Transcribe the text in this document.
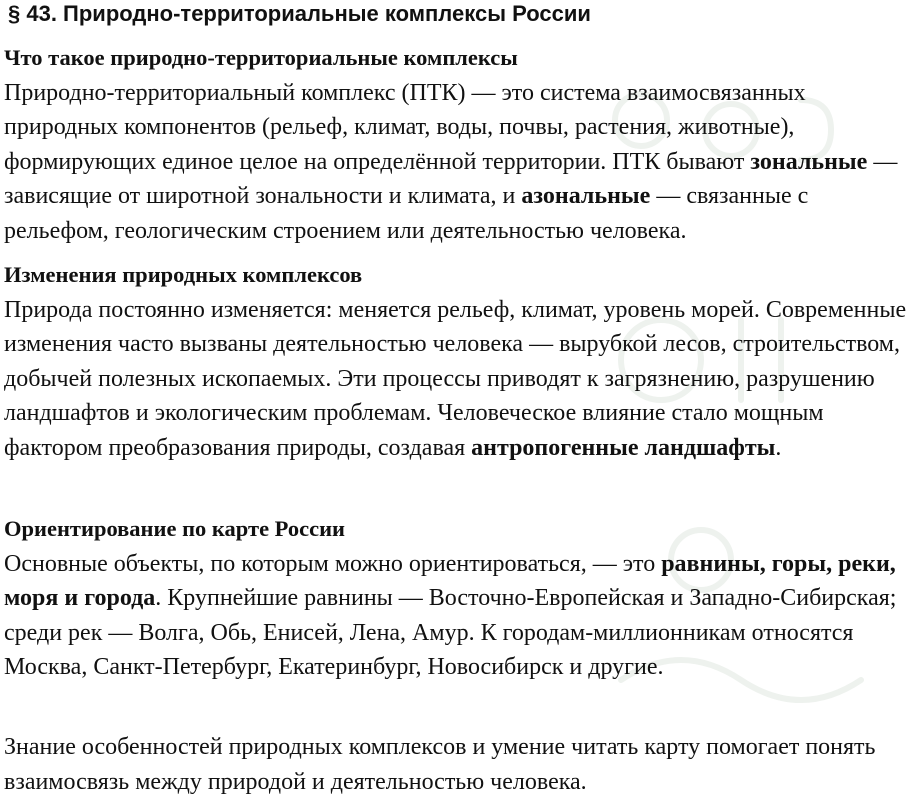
§ 43. Природно-территориальные комплексы России
Что такое природно-территориальные комплексы

Природно-территориальный комплекс (ПТК) — это система взаимосвязанных природных компонентов (рельеф, климат, воды, почвы, растения, животные), формирующих единое целое на определённой территории. ПТК бывают зональные — зависящие от широтной зональности и климата, и азональные — связанные с рельефом, геологическим строением или деятельностью человека.

Изменения природных комплексов

Природа постоянно изменяется: меняется рельеф, климат, уровень морей. Современные изменения часто вызваны деятельностью человека — вырубкой лесов, строительством, добычей полезных ископаемых. Эти процессы приводят к загрязнению, разрушению ландшафтов и экологическим проблемам. Человеческое влияние стало мощным фактором преобразования природы, создавая антропогенные ландшафты.

Ориентирование по карте России

Основные объекты, по которым можно ориентироваться, — это равнины, горы, реки, моря и города. Крупнейшие равнины — Восточно-Европейская и Западно-Сибирская; среди рек — Волга, Обь, Енисей, Лена, Амур. К городам-миллионникам относятся Москва, Санкт-Петербург, Екатеринбург, Новосибирск и другие.

Знание особенностей природных комплексов и умение читать карту помогает понять взаимосвязь между природой и деятельностью человека.
